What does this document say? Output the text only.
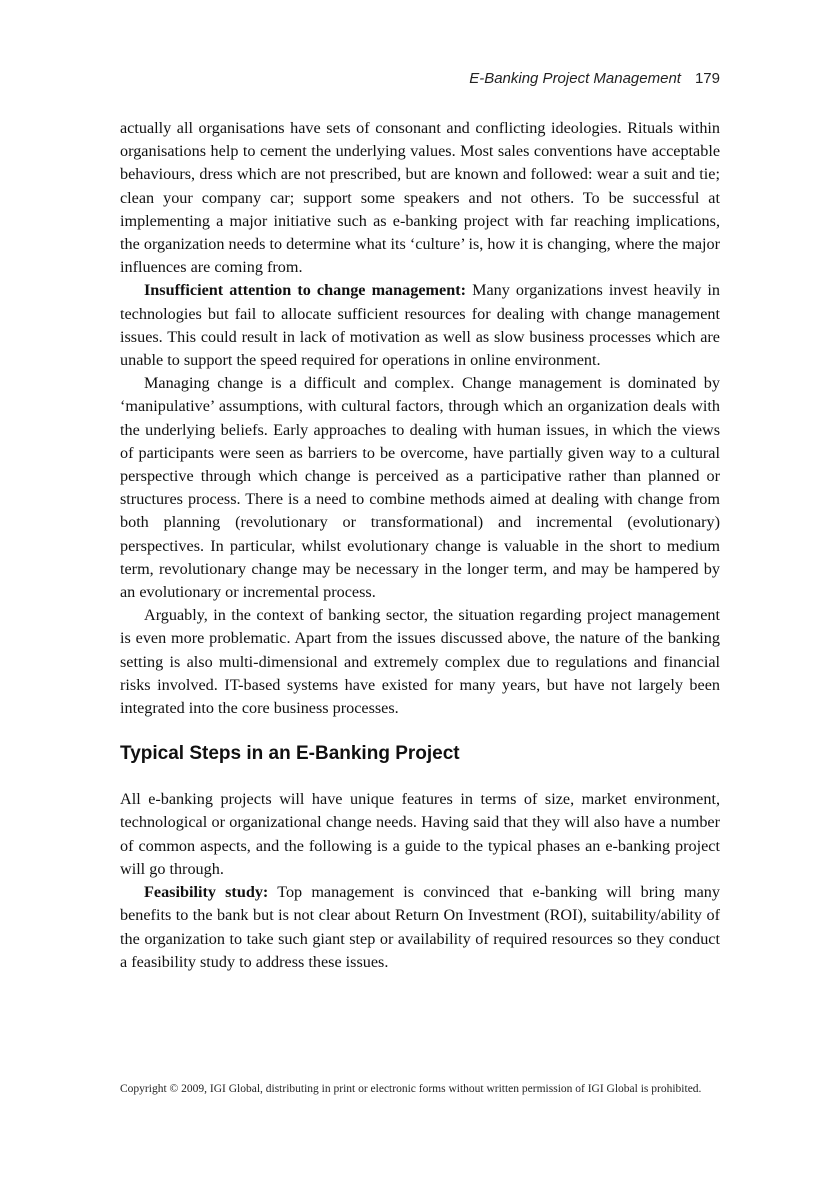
E-Banking Project Management 179

actually all organisations have sets of consonant and conflicting ideologies. Rituals within organisations help to cement the underlying values. Most sales conventions have acceptable behaviours, dress which are not prescribed, but are known and followed: wear a suit and tie; clean your company car; support some speakers and not others. To be successful at implementing a major initiative such as e-banking project with far reaching implications, the organization needs to determine what its ‘culture’ is, how it is changing, where the major influences are coming from.

Insufficient attention to change management: Many organizations invest heavily in technologies but fail to allocate sufficient resources for dealing with change management issues. This could result in lack of motivation as well as slow business processes which are unable to support the speed required for operations in online environment.

Managing change is a difficult and complex. Change management is dominated by ‘manipulative’ assumptions, with cultural factors, through which an organization deals with the underlying beliefs. Early approaches to dealing with human issues, in which the views of participants were seen as barriers to be overcome, have partially given way to a cultural perspective through which change is perceived as a participative rather than planned or structures process. There is a need to combine methods aimed at dealing with change from both planning (revolutionary or transformational) and incremental (evolutionary) perspectives. In particular, whilst evolutionary change is valuable in the short to medium term, revolutionary change may be necessary in the longer term, and may be hampered by an evolutionary or incremental process.

Arguably, in the context of banking sector, the situation regarding project management is even more problematic. Apart from the issues discussed above, the nature of the banking setting is also multi-dimensional and extremely complex due to regulations and financial risks involved. IT-based systems have existed for many years, but have not largely been integrated into the core business processes.

Typical Steps in an E-Banking Project

All e-banking projects will have unique features in terms of size, market environment, technological or organizational change needs. Having said that they will also have a number of common aspects, and the following is a guide to the typical phases an e-banking project will go through.

Feasibility study: Top management is convinced that e-banking will bring many benefits to the bank but is not clear about Return On Investment (ROI), suitability/ability of the organization to take such giant step or availability of required resources so they conduct a feasibility study to address these issues.

Copyright © 2009, IGI Global, distributing in print or electronic forms without written permission of IGI Global is prohibited.
